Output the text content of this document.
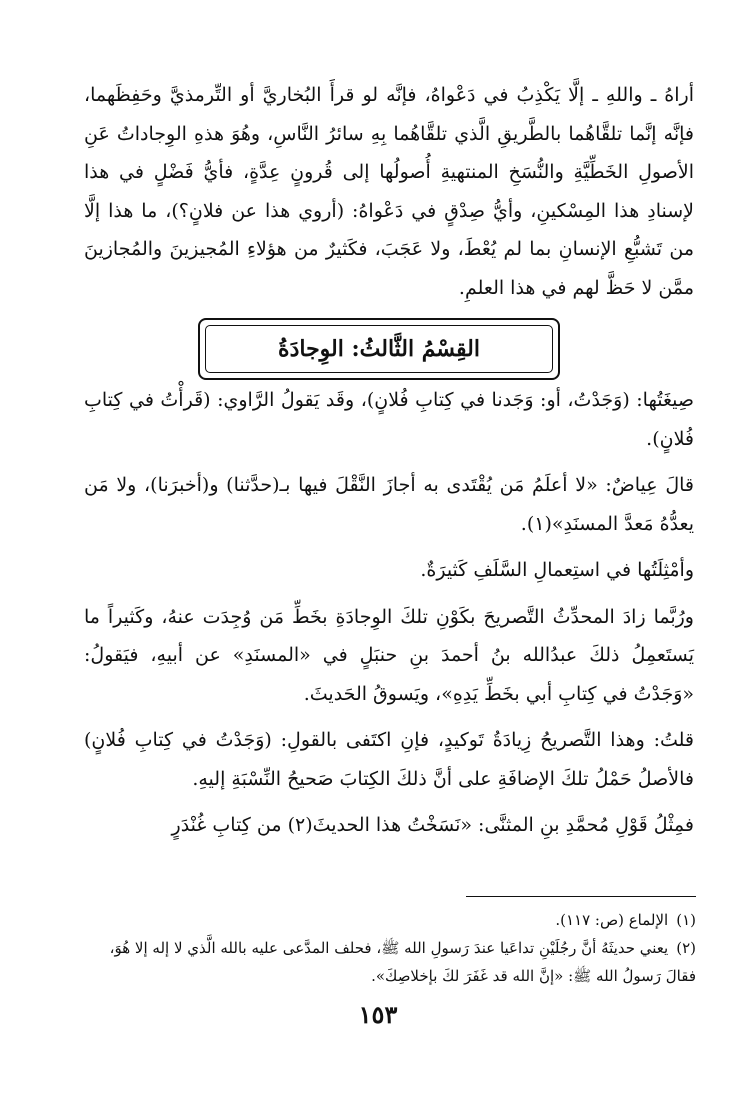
أراهُ ـ واللهِ ـ إلَّا يَكْذِبُ في دَعْواهُ، فإنَّه لو قرأَ البُخاريَّ أو التِّرمذيَّ وحَفِظَهما، فإنَّه إنَّما تلقَّاهُما بالطَّريقِ الَّذي تلقَّاهُما بِهِ سائرُ النَّاسِ، وهُوَ هذهِ الوِجاداتُ عَنِ الأصولِ الخَطِّيَّةِ والنُّسَخِ المنتهيةِ أُصولُها إلى قُرونٍ عِدَّةٍ، فأيُّ فَضْلٍ في هذا لإسنادِ هذا المِسْكينِ، وأيُّ صِدْقٍ في دَعْواهُ: (أروي هذا عن فلانٍ؟)، ما هذا إلَّا من تَشبُّعِ الإنسانِ بما لم يُعْطَ، ولا عَجَبَ، فكَثيرٌ من هؤلاءِ المُجيزينَ والمُجازينَ ممَّن لا حَظَّ لهم في هذا العلمِ.

القِسْمُ الثَّالثُ: الوِجادَةُ

صِيغَتُها: (وَجَدْتُ، أو: وَجَدنا في كِتابِ فُلانٍ)، وقَد يَقولُ الرَّاوي: (قَرأْتُ في كِتابِ فُلانٍ).

قالَ عِياضٌ: «لا أعلَمُ مَن يُقْتَدى به أجازَ النَّقْلَ فيها بـ(حدَّثنا) و(أخبرَنا)، ولا مَن يعدُّهُ مَعدَّ المسنَدِ»(١).

وأمْثِلَتُها في استِعمالِ السَّلَفِ كَثيرَةٌ.

ورُبَّما زادَ المحدِّثُ التَّصريحَ بكَوْنِ تلكَ الوِجادَةِ بخَطِّ مَن وُجِدَت عنهُ، وكَثيراً ما يَستَعمِلُ ذلكَ عبدُالله بنُ أحمدَ بنِ حنبَلٍ في «المسنَدِ» عن أبيهِ، فيَقولُ: «وَجَدْتُ في كِتابِ أبي بخَطِّ يَدِهِ»، ويَسوقُ الحَديثَ.

قلتُ: وهذا التَّصريحُ زِيادَةُ تَوكيدٍ، فإنِ اكتَفى بالقولِ: (وَجَدْتُ في كِتابِ فُلانٍ) فالأصلُ حَمْلُ تلكَ الإضافَةِ على أنَّ ذلكَ الكِتابَ صَحيحُ النِّسْبَةِ إليهِ.

فمِثْلُ قَوْلِ مُحمَّدِ بنِ المثنَّى: «نَسَخْتُ هذا الحديثَ(٢) من كِتابِ غُنْدَرٍ

(١)الإلماع (ص: ١١٧).

(٢)يعني حديثَهُ أنَّ رجُلَيْنِ تداعَيا عندَ رَسولِ الله ﷺ، فحلف المدَّعى عليه بالله الَّذي لا إله إلا هُوَ، فقالَ رَسولُ الله ﷺ: «إنَّ الله قد غَفَرَ لكَ بإخلاصِكَ».

١٥٣
